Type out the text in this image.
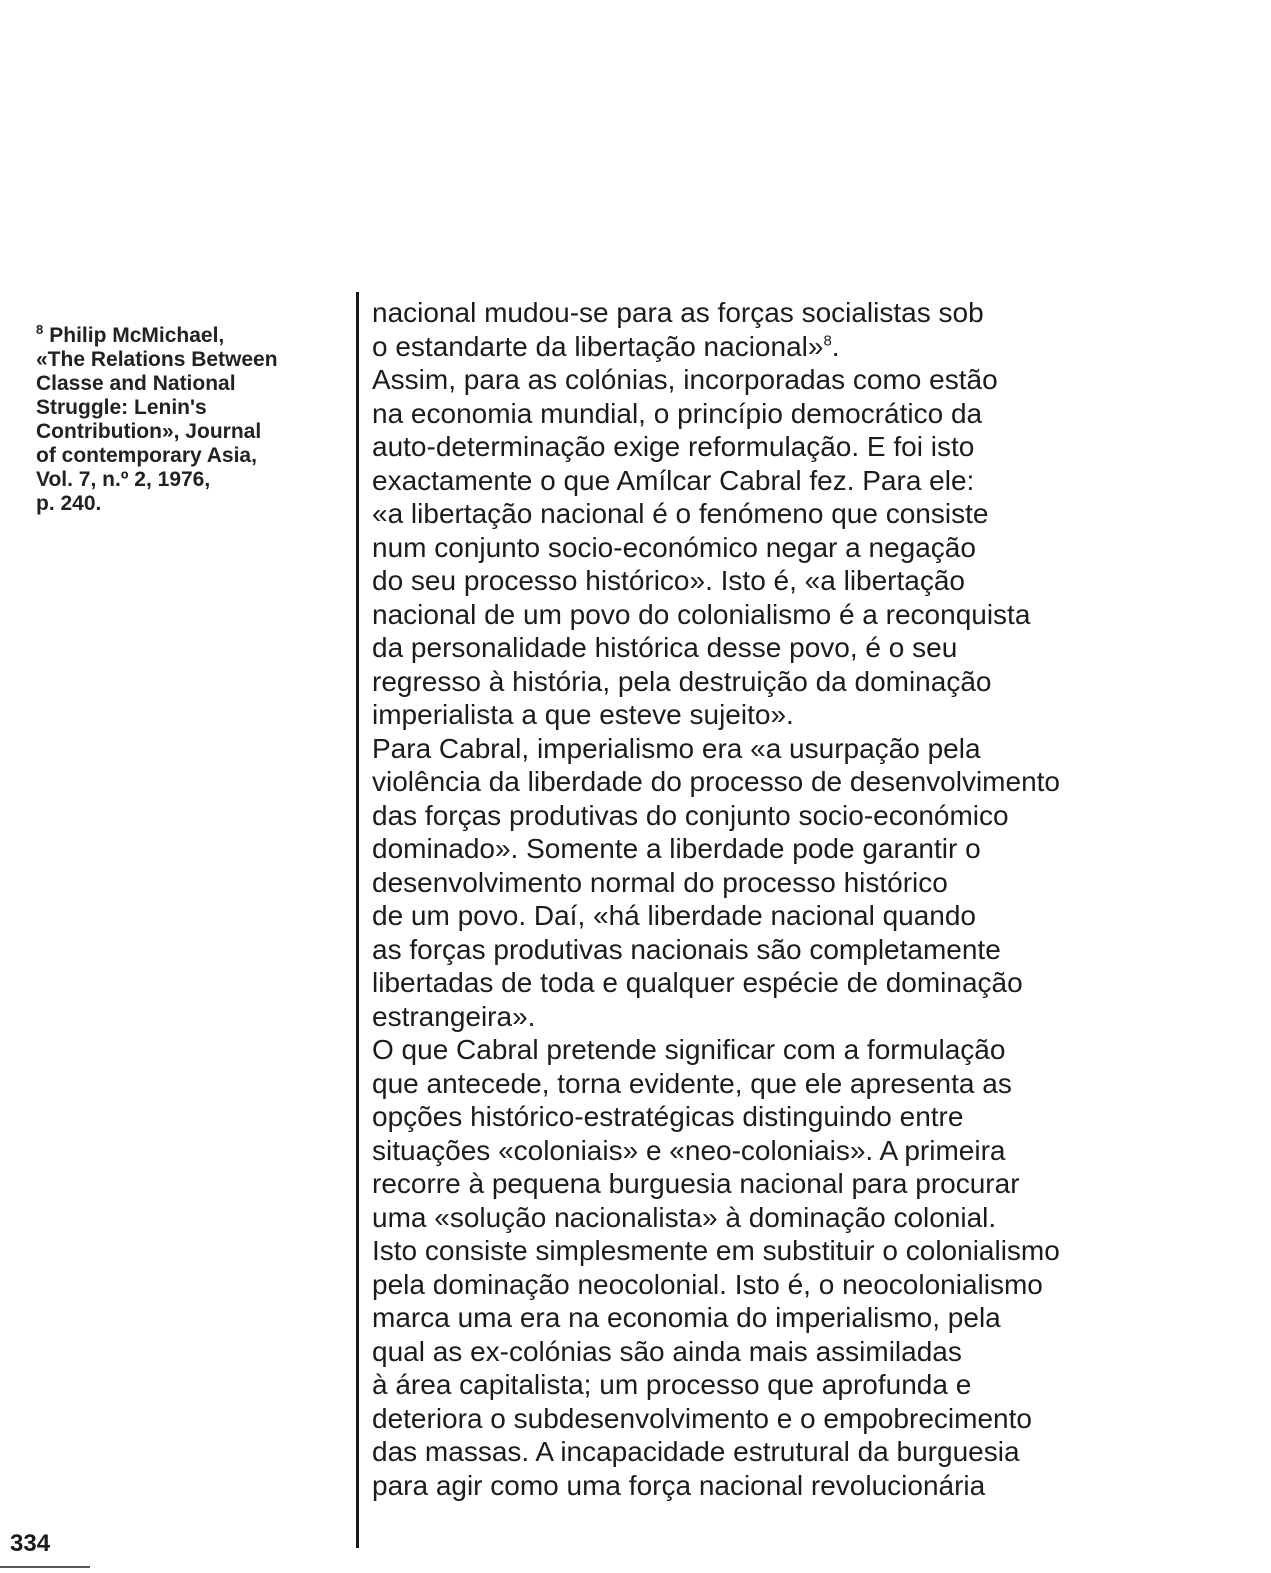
$^8$ Philip McMichael,
«The Relations Between
Classe and National
Struggle: Lenin's
Contribution», Journal
of contemporary Asia,
Vol. 7, n.º 2, 1976,
p. 240.
nacional mudou-se para as forças socialistas sob
o estandarte da libertação nacional»$^8$.
Assim, para as colónias, incorporadas como estão
na economia mundial, o princípio democrático da
auto-determinação exige reformulação. E foi isto
exactamente o que Amílcar Cabral fez. Para ele:
«a libertação nacional é o fenómeno que consiste
num conjunto socio-económico negar a negação
do seu processo histórico». Isto é, «a libertação
nacional de um povo do colonialismo é a reconquista
da personalidade histórica desse povo, é o seu
regresso à história, pela destruição da dominação
imperialista a que esteve sujeito».
Para Cabral, imperialismo era «a usurpação pela
violência da liberdade do processo de desenvolvimento
das forças produtivas do conjunto socio-económico
dominado». Somente a liberdade pode garantir o
desenvolvimento normal do processo histórico
de um povo. Daí, «há liberdade nacional quando
as forças produtivas nacionais são completamente
libertadas de toda e qualquer espécie de dominação
estrangeira».
O que Cabral pretende significar com a formulação
que antecede, torna evidente, que ele apresenta as
opções histórico-estratégicas distinguindo entre
situações «coloniais» e «neo-coloniais». A primeira
recorre à pequena burguesia nacional para procurar
uma «solução nacionalista» à dominação colonial.
Isto consiste simplesmente em substituir o colonialismo
pela dominação neocolonial. Isto é, o neocolonialismo
marca uma era na economia do imperialismo, pela
qual as ex-colónias são ainda mais assimiladas
à área capitalista; um processo que aprofunda e
deteriora o subdesenvolvimento e o empobrecimento
das massas. A incapacidade estrutural da burguesia
para agir como uma força nacional revolucionária
334
